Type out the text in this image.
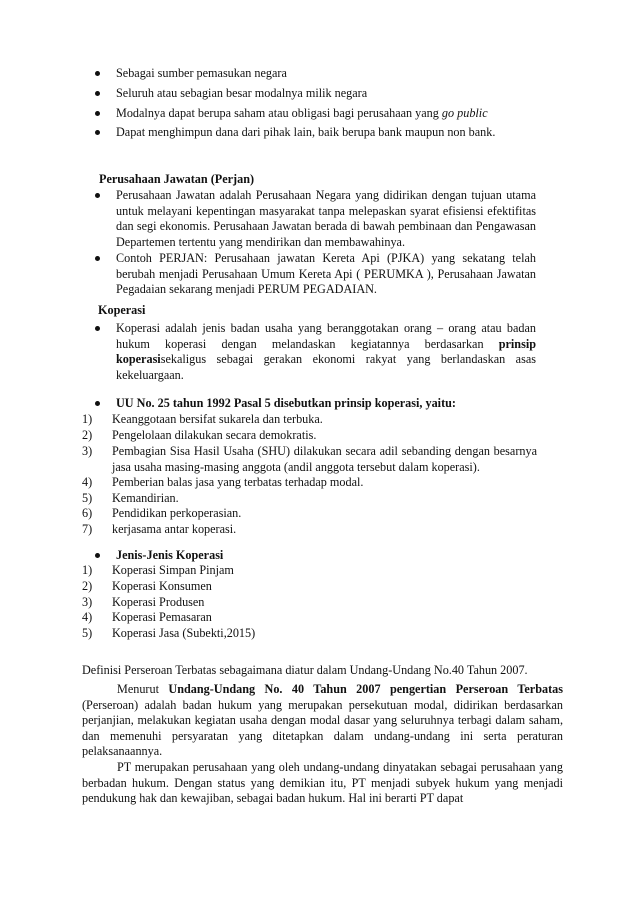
Sebagai sumber pemasukan negara
Seluruh atau sebagian besar modalnya milik negara
Modalnya dapat berupa saham atau obligasi bagi perusahaan yang go public
Dapat menghimpun dana dari pihak lain, baik berupa bank maupun non bank.
Perusahaan Jawatan (Perjan)
Perusahaan Jawatan adalah Perusahaan Negara yang didirikan dengan tujuan utama untuk melayani kepentingan masyarakat tanpa melepaskan syarat efisiensi efektifitas dan segi ekonomis. Perusahaan Jawatan berada di bawah pembinaan dan Pengawasan Departemen tertentu yang mendirikan dan membawahinya.
Contoh PERJAN: Perusahaan jawatan Kereta Api (PJKA) yang sekatang telah berubah menjadi Perusahaan Umum Kereta Api ( PERUMKA ), Perusahaan Jawatan Pegadaian sekarang menjadi PERUM PEGADAIAN.
Koperasi
Koperasi adalah jenis badan usaha yang beranggotakan orang – orang atau badan hukum koperasi dengan melandaskan kegiatannya berdasarkan prinsip koperasisekaligus sebagai gerakan ekonomi rakyat yang berlandaskan asas kekeluargaan.
UU No. 25 tahun 1992 Pasal 5 disebutkan prinsip koperasi, yaitu:
1) Keanggotaan bersifat sukarela dan terbuka.
2) Pengelolaan dilakukan secara demokratis.
3) Pembagian Sisa Hasil Usaha (SHU) dilakukan secara adil sebanding dengan besarnya jasa usaha masing-masing anggota (andil anggota tersebut dalam koperasi).
4) Pemberian balas jasa yang terbatas terhadap modal.
5) Kemandirian.
6) Pendidikan perkoperasian.
7) kerjasama antar koperasi.
Jenis-Jenis Koperasi
1) Koperasi Simpan Pinjam
2) Koperasi Konsumen
3) Koperasi Produsen
4) Koperasi Pemasaran
5) Koperasi Jasa (Subekti,2015)
Definisi Perseroan Terbatas sebagaimana diatur dalam Undang-Undang No.40 Tahun 2007.
Menurut Undang-Undang No. 40 Tahun 2007 pengertian Perseroan Terbatas (Perseroan) adalah badan hukum yang merupakan persekutuan modal, didirikan berdasarkan perjanjian, melakukan kegiatan usaha dengan modal dasar yang seluruhnya terbagi dalam saham, dan memenuhi persyaratan yang ditetapkan dalam undang-undang ini serta peraturan pelaksanaannya.
PT merupakan perusahaan yang oleh undang-undang dinyatakan sebagai perusahaan yang berbadan hukum. Dengan status yang demikian itu, PT menjadi subyek hukum yang menjadi pendukung hak dan kewajiban, sebagai badan hukum. Hal ini berarti PT dapat
